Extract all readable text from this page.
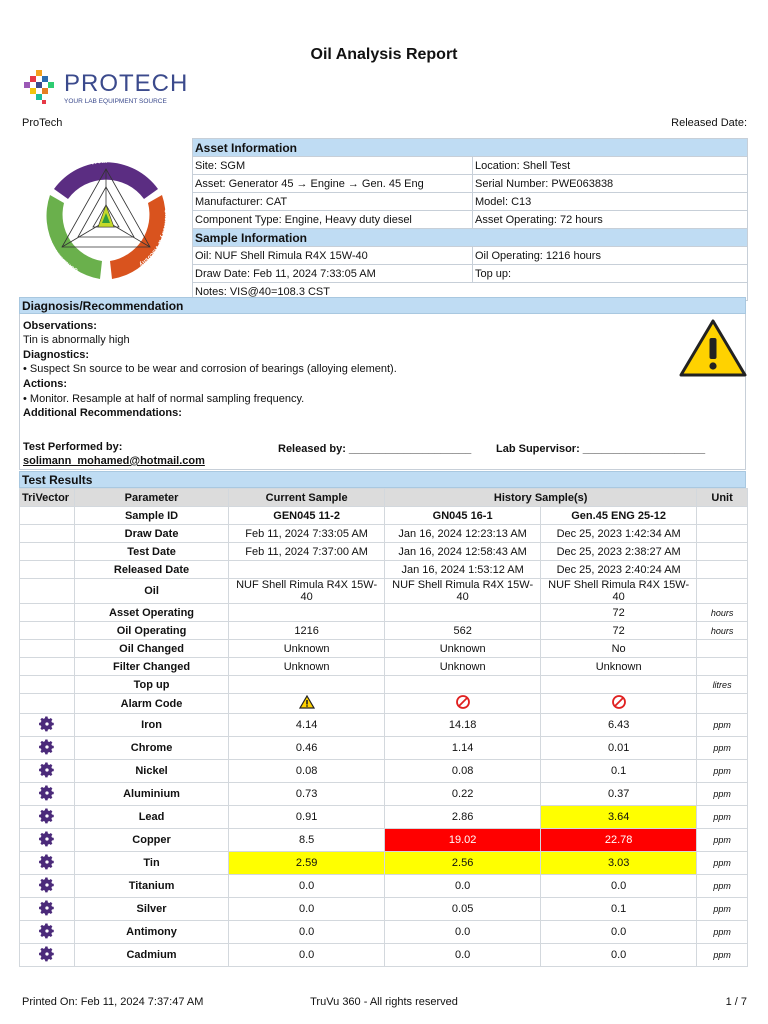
Oil Analysis Report
PROTECH
YOUR LAB EQUIPMENT SOURCE
ProTech	Released Date:
Wear
Chemistry & Viscosity
Contamination
Asset Information	
Site: SGM	Location: Shell Test
Asset: Generator 45 → Engine → Gen. 45 Eng	Serial Number: PWE063838
Manufacturer: CAT	Model: C13
Component Type: Engine, Heavy duty diesel	Asset Operating: 72 hours
Sample Information	
Oil: NUF Shell Rimula R4X 15W-40	Oil Operating: 1216 hours
Draw Date: Feb 11, 2024 7:33:05 AM	Top up:
Notes: VIS@40=108.3 CST	
Diagnosis/Recommendation
Observations:
Tin is abnormally high
Diagnostics:
• Suspect Sn source to be wear and corrosion of bearings (alloying element).
Actions:
• Monitor. Resample at half of normal sampling frequency.
Additional Recommendations:
Test Performed by:
solimann_mohamed@hotmail.com
Released by: ____________________ Lab Supervisor: ____________________
Test Results
TriVector	Parameter	Current Sample	History Sample(s)		Unit
	Sample ID	GEN045 11-2	GN045 16-1	Gen.45 ENG 25-12	
	Draw Date	Feb 11, 2024 7:33:05 AM	Jan 16, 2024 12:23:13 AM	Dec 25, 2023 1:42:34 AM	
	Test Date	Feb 11, 2024 7:37:00 AM	Jan 16, 2024 12:58:43 AM	Dec 25, 2023 2:38:27 AM	
	Released Date		Jan 16, 2024 1:53:12 AM	Dec 25, 2023 2:40:24 AM	
	Oil	NUF Shell Rimula R4X 15W-40	NUF Shell Rimula R4X 15W-40	NUF Shell Rimula R4X 15W-40	
	Asset Operating			72	hours
	Oil Operating	1216	562	72	hours
	Oil Changed	Unknown	Unknown	No	
	Filter Changed	Unknown	Unknown	Unknown	
	Top up				litres
	Alarm Code				
	Iron	4.14	14.18	6.43	ppm
	Chrome	0.46	1.14	0.01	ppm
	Nickel	0.08	0.08	0.1	ppm
	Aluminium	0.73	0.22	0.37	ppm
	Lead	0.91	2.86	3.64	ppm
	Copper	8.5	19.02	22.78	ppm
	Tin	2.59	2.56	3.03	ppm
	Titanium	0.0	0.0	0.0	ppm
	Silver	0.0	0.05	0.1	ppm
	Antimony	0.0	0.0	0.0	ppm
	Cadmium	0.0	0.0	0.0	ppm
Printed On: Feb 11, 2024 7:37:47 AM	TruVu 360 - All rights reserved	1 / 7
